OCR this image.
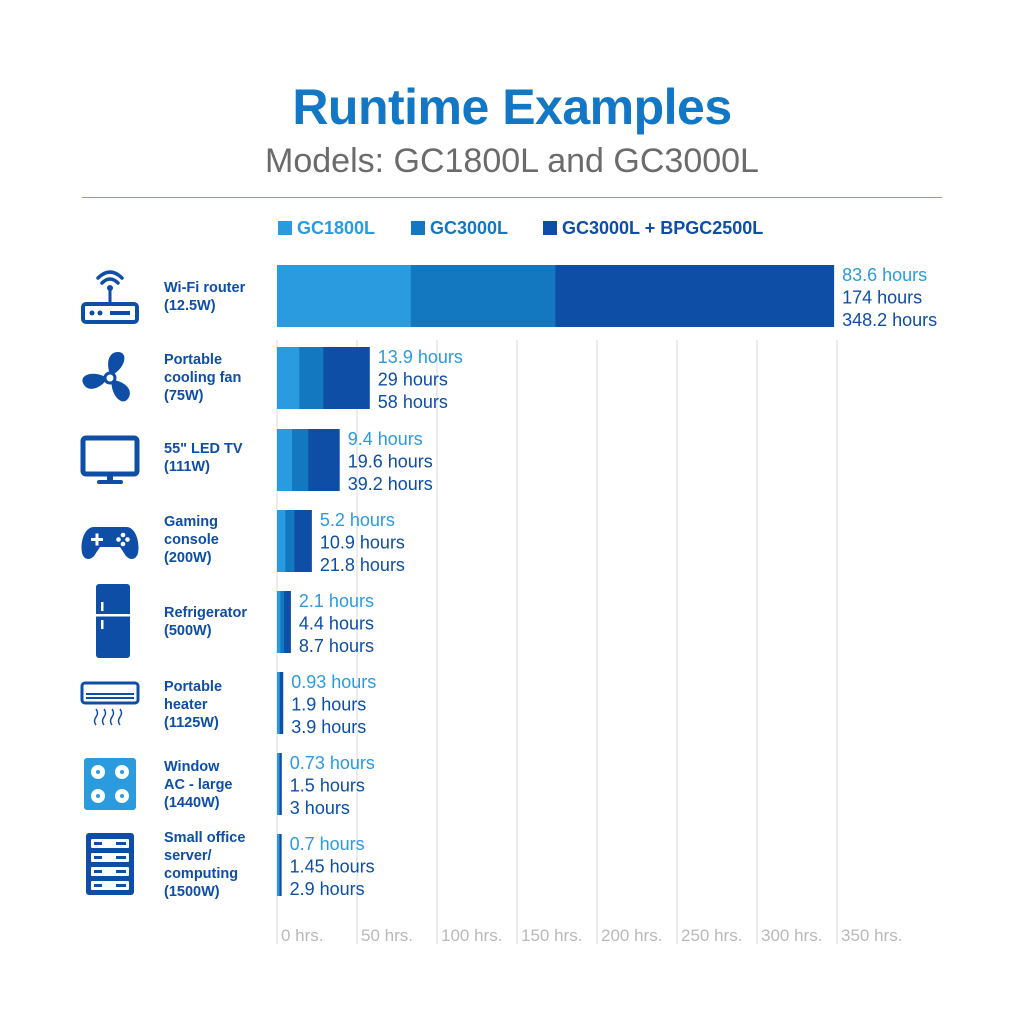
Runtime Examples
Models: GC1800L and GC3000L
GC1800L	GC3000L	GC3000L + BPGC2500L
0 hrs. 50 hrs. 100 hrs. 150 hrs. 200 hrs. 250 hrs. 300 hrs. 350 hrs.
83.6 hours
174 hours
348.2 hours
13.9 hours
29 hours
58 hours
9.4 hours
19.6 hours
39.2 hours
5.2 hours
10.9 hours
21.8 hours
2.1 hours
4.4 hours
8.7 hours
0.93 hours
1.9 hours
3.9 hours
0.73 hours
1.5 hours
3 hours
0.7 hours
1.45 hours
2.9 hours
Wi-Fi router
(12.5W)
Portable
cooling fan
(75W)
55" LED TV
(111W)
Gaming
console
(200W)
Refrigerator
(500W)
Portable
heater
(1125W)
Window
AC - large
(1440W)
Small office
server/
computing
(1500W)
